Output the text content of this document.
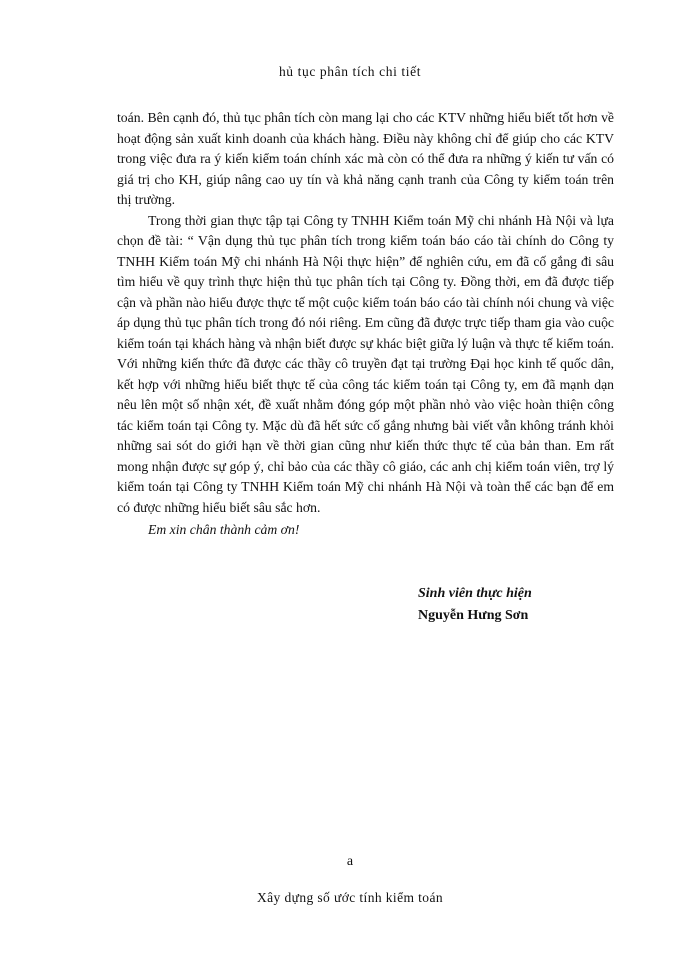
hủ tục phân tích chi tiết

toán. Bên cạnh đó, thủ tục phân tích còn mang lại cho các KTV những hiểu biết tốt hơn về hoạt động sản xuất kinh doanh của khách hàng. Điều này không chỉ để giúp cho các KTV trong việc đưa ra ý kiến kiểm toán chính xác mà còn có thể đưa ra những ý kiến tư vấn có giá trị cho KH, giúp nâng cao uy tín và khả năng cạnh tranh của Công ty kiểm toán trên thị trường.

Trong thời gian thực tập tại Công ty TNHH Kiểm toán Mỹ chi nhánh Hà Nội và lựa chọn đề tài: “ Vận dụng thủ tục phân tích trong kiểm toán báo cáo tài chính do Công ty TNHH Kiểm toán Mỹ chi nhánh Hà Nội thực hiện” để nghiên cứu, em đã cố gắng đi sâu tìm hiểu về quy trình thực hiện thủ tục phân tích tại Công ty. Đồng thời, em đã được tiếp cận và phần nào hiểu được thực tế một cuộc kiểm toán báo cáo tài chính nói chung và việc áp dụng thủ tục phân tích trong đó nói riêng. Em cũng đã được trực tiếp tham gia vào cuộc kiểm toán tại khách hàng và nhận biết được sự khác biệt giữa lý luận và thực tế kiểm toán. Với những kiến thức đã được các thầy cô truyền đạt tại trường Đại học kinh tế quốc dân, kết hợp với những hiểu biết thực tế của công tác kiểm toán tại Công ty, em đã mạnh dạn nêu lên một số nhận xét, đề xuất nhằm đóng góp một phần nhỏ vào việc hoàn thiện công tác kiểm toán tại Công ty. Mặc dù đã hết sức cố gắng nhưng bài viết vẫn không tránh khỏi những sai sót do giới hạn về thời gian cũng như kiến thức thực tế của bản than. Em rất mong nhận được sự góp ý, chỉ bảo của các thầy cô giáo, các anh chị kiểm toán viên, trợ lý kiểm toán tại Công ty TNHH Kiểm toán Mỹ chi nhánh Hà Nội và toàn thể các bạn để em có được những hiểu biết sâu sắc hơn.

Em xin chân thành cảm ơn!

Sinh viên thực hiện
Nguyễn Hưng Sơn
a
Xây dựng số ước tính kiểm toán
